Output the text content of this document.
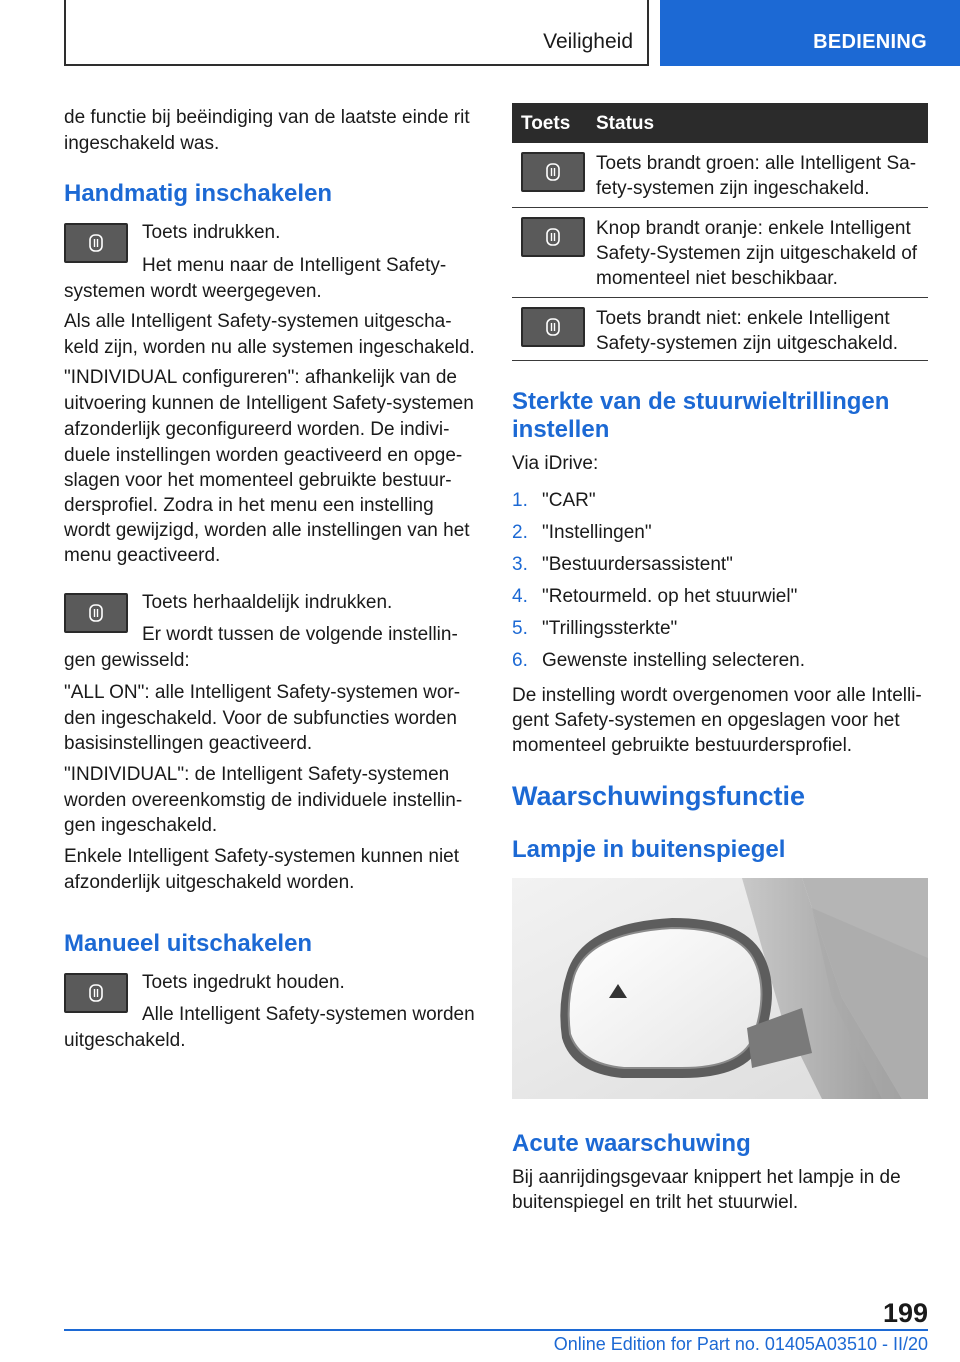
Veiligheid	BEDIENING
de functie bij beëindiging van de laatste einde rit
ingeschakeld was.
Handmatig inschakelen
Toets indrukken.
Het menu naar de Intelligent Safety-
systemen wordt weergegeven.
Als alle Intelligent Safety-systemen uitgescha-
keld zijn, worden nu alle systemen ingeschakeld.
"INDIVIDUAL configureren": afhankelijk van de
uitvoering kunnen de Intelligent Safety-systemen
afzonderlijk geconfigureerd worden. De indivi-
duele instellingen worden geactiveerd en opge-
slagen voor het momenteel gebruikte bestuur-
dersprofiel. Zodra in het menu een instelling
wordt gewijzigd, worden alle instellingen van het
menu geactiveerd.
Toets herhaaldelijk indrukken.
Er wordt tussen de volgende instellin-
gen gewisseld:
"ALL ON": alle Intelligent Safety-systemen wor-
den ingeschakeld. Voor de subfuncties worden
basisinstellingen geactiveerd.
"INDIVIDUAL": de Intelligent Safety-systemen
worden overeenkomstig de individuele instellin-
gen ingeschakeld.
Enkele Intelligent Safety-systemen kunnen niet
afzonderlijk uitgeschakeld worden.
Manueel uitschakelen
Toets ingedrukt houden.
Alle Intelligent Safety-systemen worden
uitgeschakeld.
Toets Status
Toets brandt groen: alle Intelligent Sa-
fety-systemen zijn ingeschakeld.
Knop brandt oranje: enkele Intelligent
Safety-Systemen zijn uitgeschakeld of
momenteel niet beschikbaar.
Toets brandt niet: enkele Intelligent
Safety-systemen zijn uitgeschakeld.
Sterkte van de stuurwieltrillingen
instellen
Via iDrive:
1. "CAR"
2. "Instellingen"
3. "Bestuurdersassistent"
4. "Retourmeld. op het stuurwiel"
5. "Trillingssterkte"
6. Gewenste instelling selecteren.
De instelling wordt overgenomen voor alle Intelli-
gent Safety-systemen en opgeslagen voor het
momenteel gebruikte bestuurdersprofiel.
Waarschuwingsfunctie
Lampje in buitenspiegel
Acute waarschuwing
Bij aanrijdingsgevaar knippert het lampje in de
buitenspiegel en trilt het stuurwiel.
199
Online Edition for Part no. 01405A03510 - II/20
